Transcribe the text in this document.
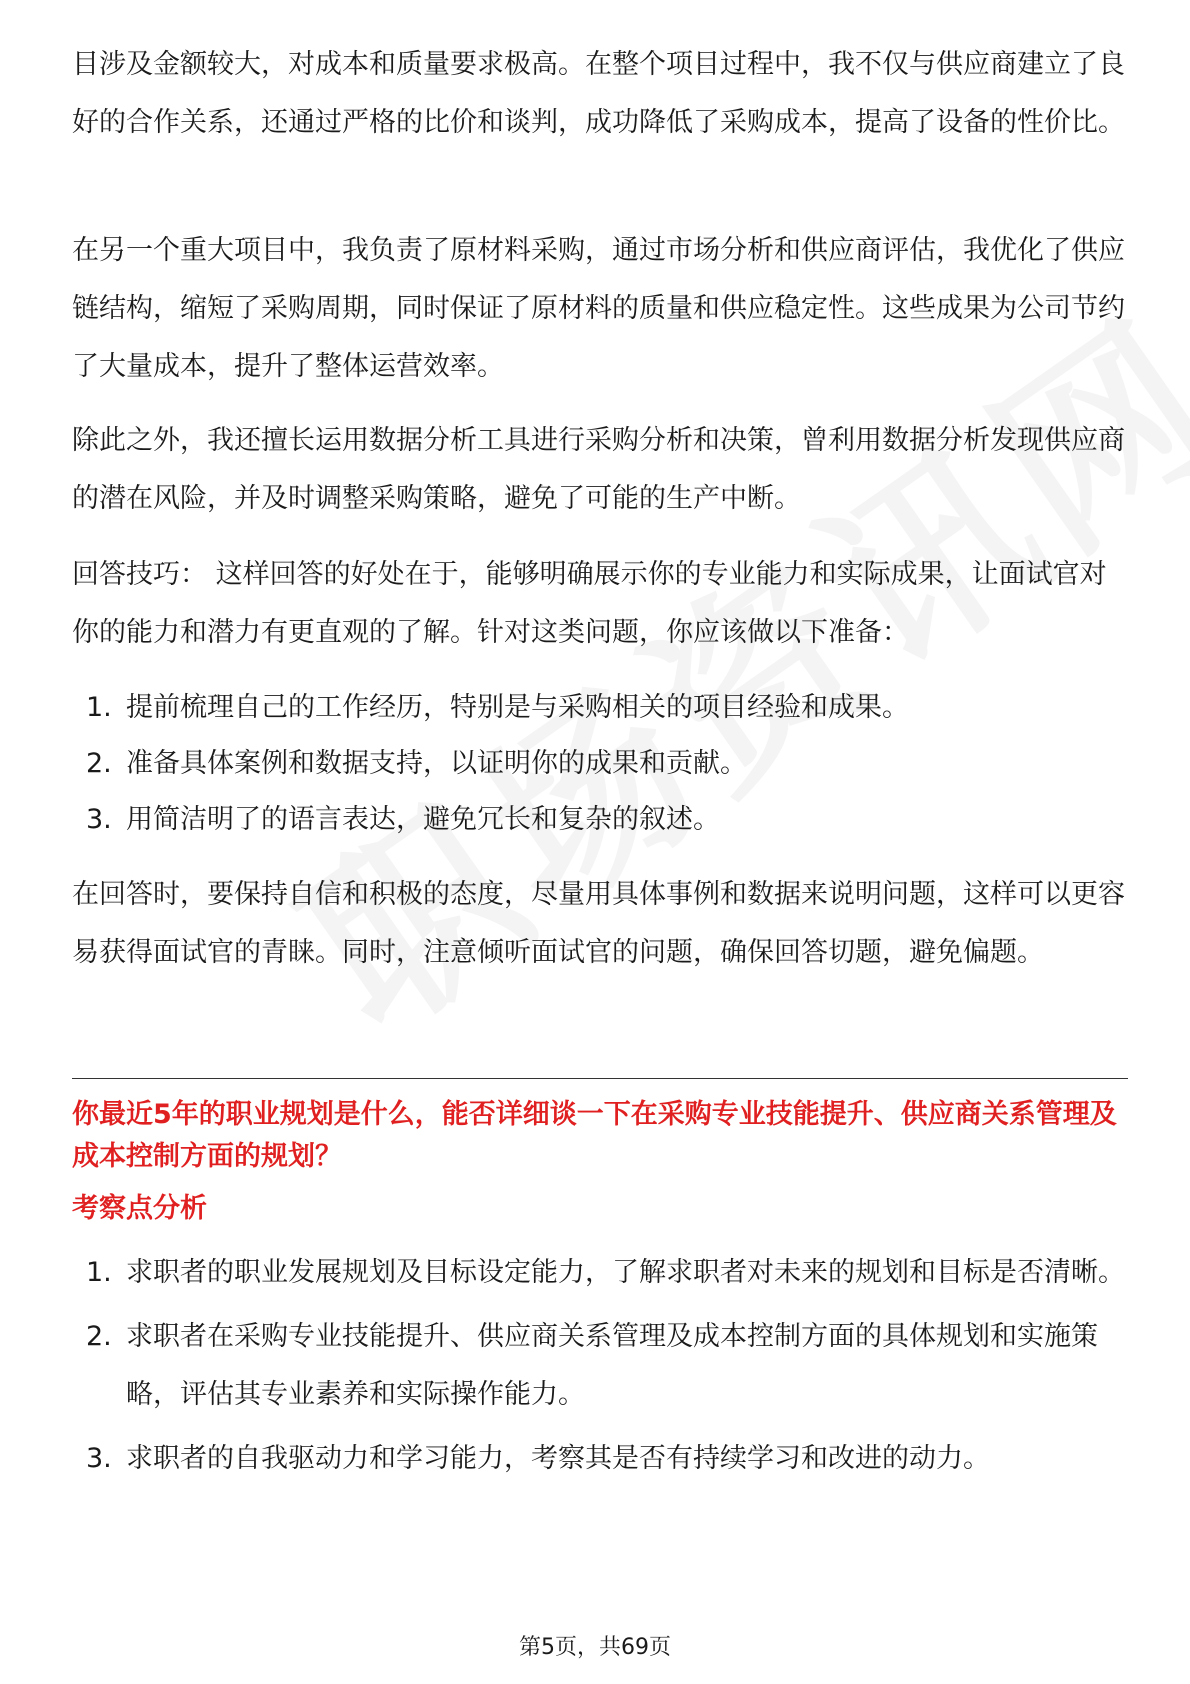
目涉及金额较大，对成本和质量要求极高。在整个项目过程中，我不仅与供应商建立了良好的合作关系，还通过严格的比价和谈判，成功降低了采购成本，提高了设备的性价比。

在另一个重大项目中，我负责了原材料采购，通过市场分析和供应商评估，我优化了供应链结构，缩短了采购周期，同时保证了原材料的质量和供应稳定性。这些成果为公司节约了大量成本，提升了整体运营效率。

除此之外，我还擅长运用数据分析工具进行采购分析和决策，曾利用数据分析发现供应商的潜在风险，并及时调整采购策略，避免了可能的生产中断。

回答技巧： 这样回答的好处在于，能够明确展示你的专业能力和实际成果，让面试官对你的能力和潜力有更直观的了解。针对这类问题，你应该做以下准备：

1. 提前梳理自己的工作经历，特别是与采购相关的项目经验和成果。
2. 准备具体案例和数据支持，以证明你的成果和贡献。
3. 用简洁明了的语言表达，避免冗长和复杂的叙述。

在回答时，要保持自信和积极的态度，尽量用具体事例和数据来说明问题，这样可以更容易获得面试官的青睐。同时，注意倾听面试官的问题，确保回答切题，避免偏题。

你最近5年的职业规划是什么，能否详细谈一下在采购专业技能提升、供应商关系管理及成本控制方面的规划？

考察点分析

1. 求职者的职业发展规划及目标设定能力，了解求职者对未来的规划和目标是否清晰。
2. 求职者在采购专业技能提升、供应商关系管理及成本控制方面的具体规划和实施策略，评估其专业素养和实际操作能力。
3. 求职者的自我驱动力和学习能力，考察其是否有持续学习和改进的动力。
第5页，共69页
